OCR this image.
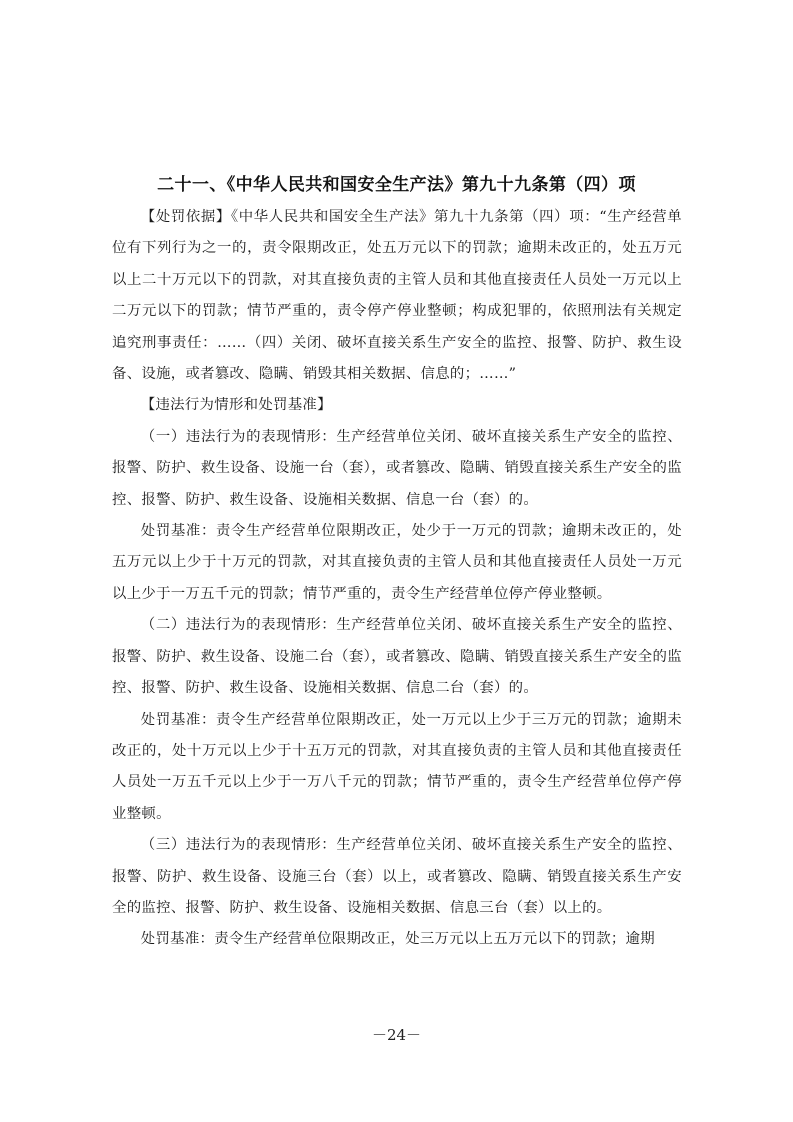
二十一、《中华人民共和国安全生产法》第九十九条第（四）项

【处罚依据】《中华人民共和国安全生产法》第九十九条第（四）项：“生产经营单位有下列行为之一的，责令限期改正，处五万元以下的罚款；逾期未改正的，处五万元以上二十万元以下的罚款，对其直接负责的主管人员和其他直接责任人员处一万元以上二万元以下的罚款；情节严重的，责令停产停业整顿；构成犯罪的，依照刑法有关规定追究刑事责任：……（四）关闭、破坏直接关系生产安全的监控、报警、防护、救生设备、设施，或者篡改、隐瞒、销毁其相关数据、信息的；……”

【违法行为情形和处罚基准】

（一）违法行为的表现情形：生产经营单位关闭、破坏直接关系生产安全的监控、报警、防护、救生设备、设施一台（套），或者篡改、隐瞒、销毁直接关系生产安全的监控、报警、防护、救生设备、设施相关数据、信息一台（套）的。

处罚基准：责令生产经营单位限期改正，处少于一万元的罚款；逾期未改正的，处五万元以上少于十万元的罚款，对其直接负责的主管人员和其他直接责任人员处一万元以上少于一万五千元的罚款；情节严重的，责令生产经营单位停产停业整顿。

（二）违法行为的表现情形：生产经营单位关闭、破坏直接关系生产安全的监控、报警、防护、救生设备、设施二台（套），或者篡改、隐瞒、销毁直接关系生产安全的监控、报警、防护、救生设备、设施相关数据、信息二台（套）的。

处罚基准：责令生产经营单位限期改正，处一万元以上少于三万元的罚款；逾期未改正的，处十万元以上少于十五万元的罚款，对其直接负责的主管人员和其他直接责任人员处一万五千元以上少于一万八千元的罚款；情节严重的，责令生产经营单位停产停业整顿。

（三）违法行为的表现情形：生产经营单位关闭、破坏直接关系生产安全的监控、报警、防护、救生设备、设施三台（套）以上，或者篡改、隐瞒、销毁直接关系生产安全的监控、报警、防护、救生设备、设施相关数据、信息三台（套）以上的。

处罚基准：责令生产经营单位限期改正，处三万元以上五万元以下的罚款；逾期

－24－
